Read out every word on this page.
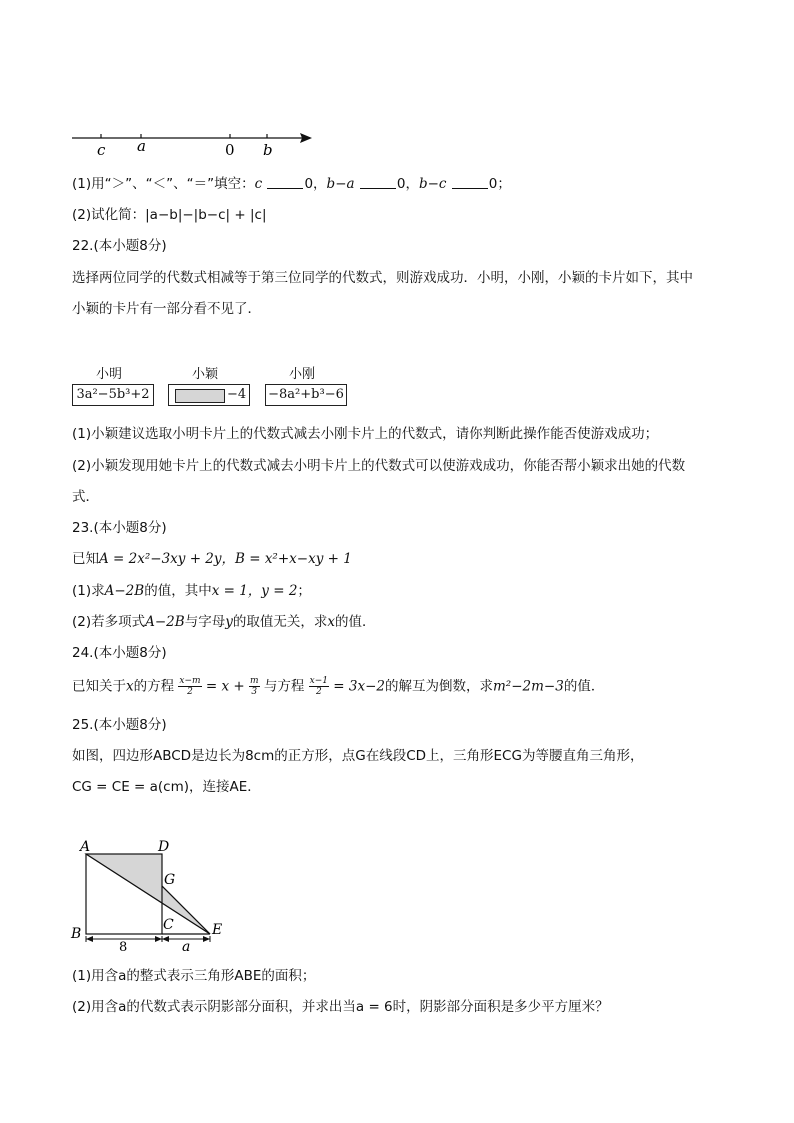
c a	0 b
(1)用“＞”、“＜”、“＝”填空：c	0，b−a	0，b−c	0；
(2)试化简：|a−b|−|b−c| + |c|
22.(本小题8分)
选择两位同学的代数式相减等于第三位同学的代数式，则游戏成功．小明，小刚，小颖的卡片如下，其中
小颖的卡片有一部分看不见了．
小明
3a²−5b³+2
小颖
−4
小刚
−8a²+b³−6
(1)小颖建议选取小明卡片上的代数式减去小刚卡片上的代数式，请你判断此操作能否使游戏成功；
(2)小颖发现用她卡片上的代数式减去小明卡片上的代数式可以使游戏成功，你能否帮小颖求出她的代数
式．
23.(本小题8分)
已知A = 2x²−3xy + 2y，B = x²+x−xy + 1
(1)求A−2B的值，其中x = 1，y = 2；
(2)若多项式A−2B与字母y的取值无关，求x的值．
24.(本小题8分)
已知关于x的方程 $\frac{x-m}{2} = x + \frac{m}{3}$ 与方程 $\frac{x-1}{2} = 3x-2$的解互为倒数，求m²−2m−3的值．
25.(本小题8分)
如图，四边形ABCD是边长为8cm的正方形，点G在线段CD上，三角形ECG为等腰直角三角形，
CG = CE = a(cm)，连接AE．
A	D
G
C
B	E
8	a
(1)用含a的整式表示三角形ABE的面积；
(2)用含a的代数式表示阴影部分面积，并求出当a = 6时，阴影部分面积是多少平方厘米？
